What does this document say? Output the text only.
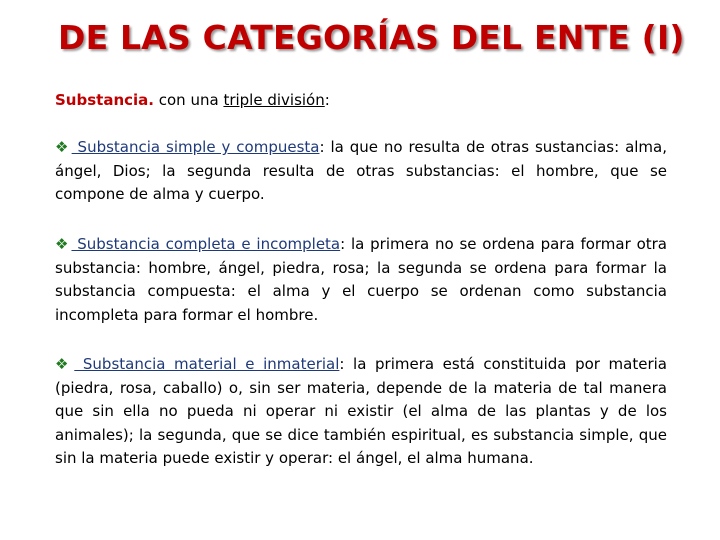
DE LAS CATEGORÍAS DEL ENTE (I)
Substancia. con una triple división:
❖ Substancia simple y compuesta: la que no resulta de otras sustancias: alma, ángel, Dios; la segunda resulta de otras substancias: el hombre, que se compone de alma y cuerpo.
❖ Substancia completa e incompleta: la primera no se ordena para formar otra substancia: hombre, ángel, piedra, rosa; la segunda se ordena para formar la substancia compuesta: el alma y el cuerpo se ordenan como substancia incompleta para formar el hombre.
❖ Substancia material e inmaterial: la primera está constituida por materia (piedra, rosa, caballo) o, sin ser materia, depende de la materia de tal manera que sin ella no pueda ni operar ni existir (el alma de las plantas y de los animales); la segunda, que se dice también espiritual, es substancia simple, que sin la materia puede existir y operar: el ángel, el alma humana.
